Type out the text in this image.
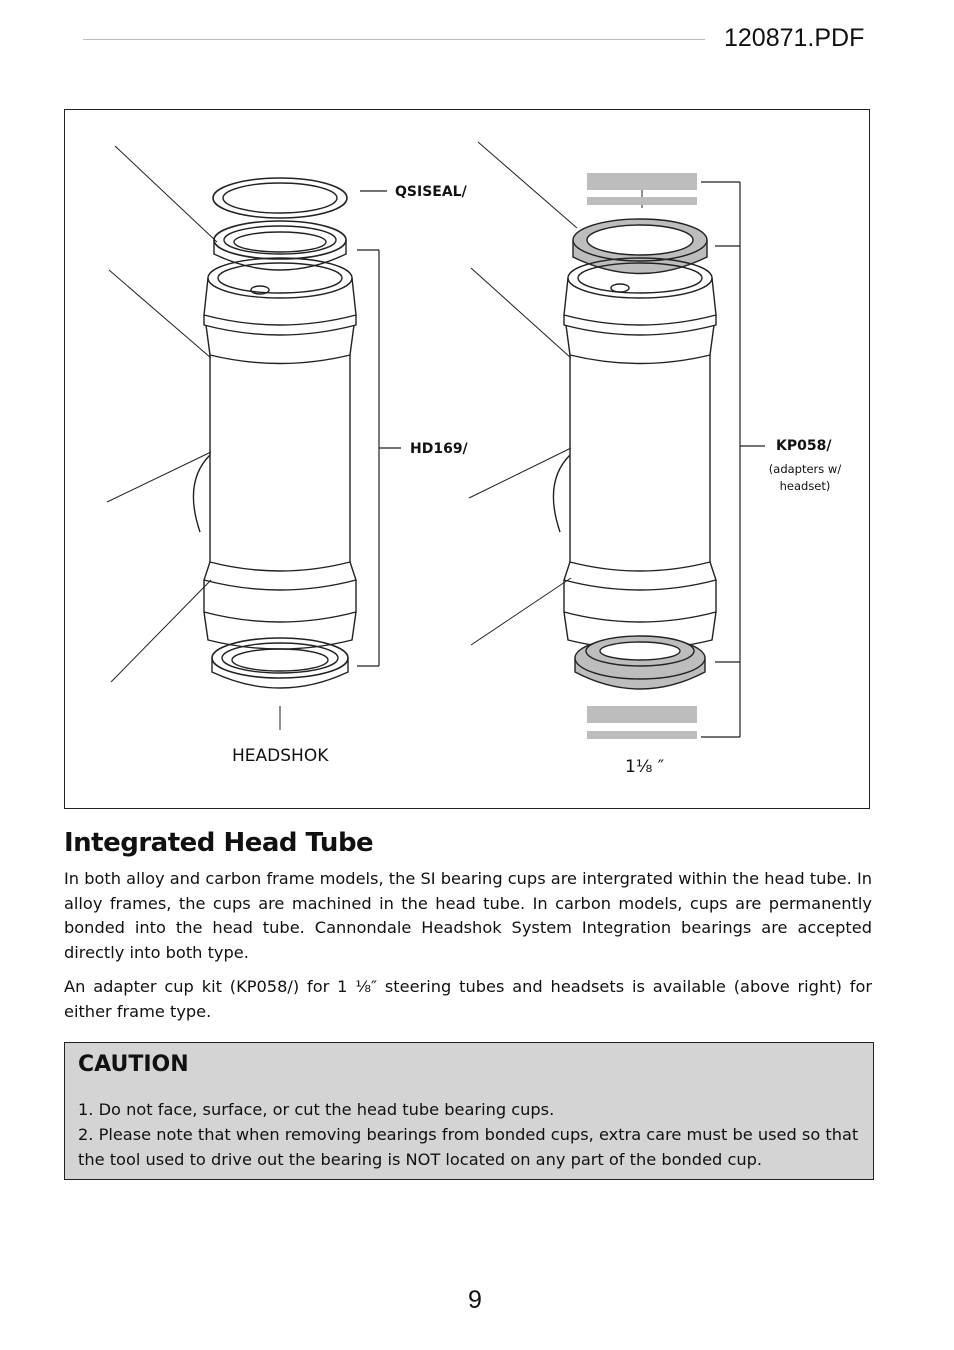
120871.PDF
QSISEAL/
HD169/	KP058/
(adapters w/ headset)
HEADSHOK
1⅛ ″
Integrated Head Tube

In both alloy and carbon frame models, the SI bearing cups are intergrated within the head tube. In alloy frames, the cups are machined in the head tube. In carbon models, cups are permanently bonded into the head tube. Cannondale Headshok System Integration bearings are accepted directly into both type.

An adapter cup kit (KP058/) for 1 ⅛″ steering tubes and headsets is available (above right) for either frame type.

CAUTION

1. Do not face, surface, or cut the head tube bearing cups.

2. Please note that when removing bearings from bonded cups, extra care must be used so that the tool used to drive out the bearing is NOT located on any part of the bonded cup.

9
